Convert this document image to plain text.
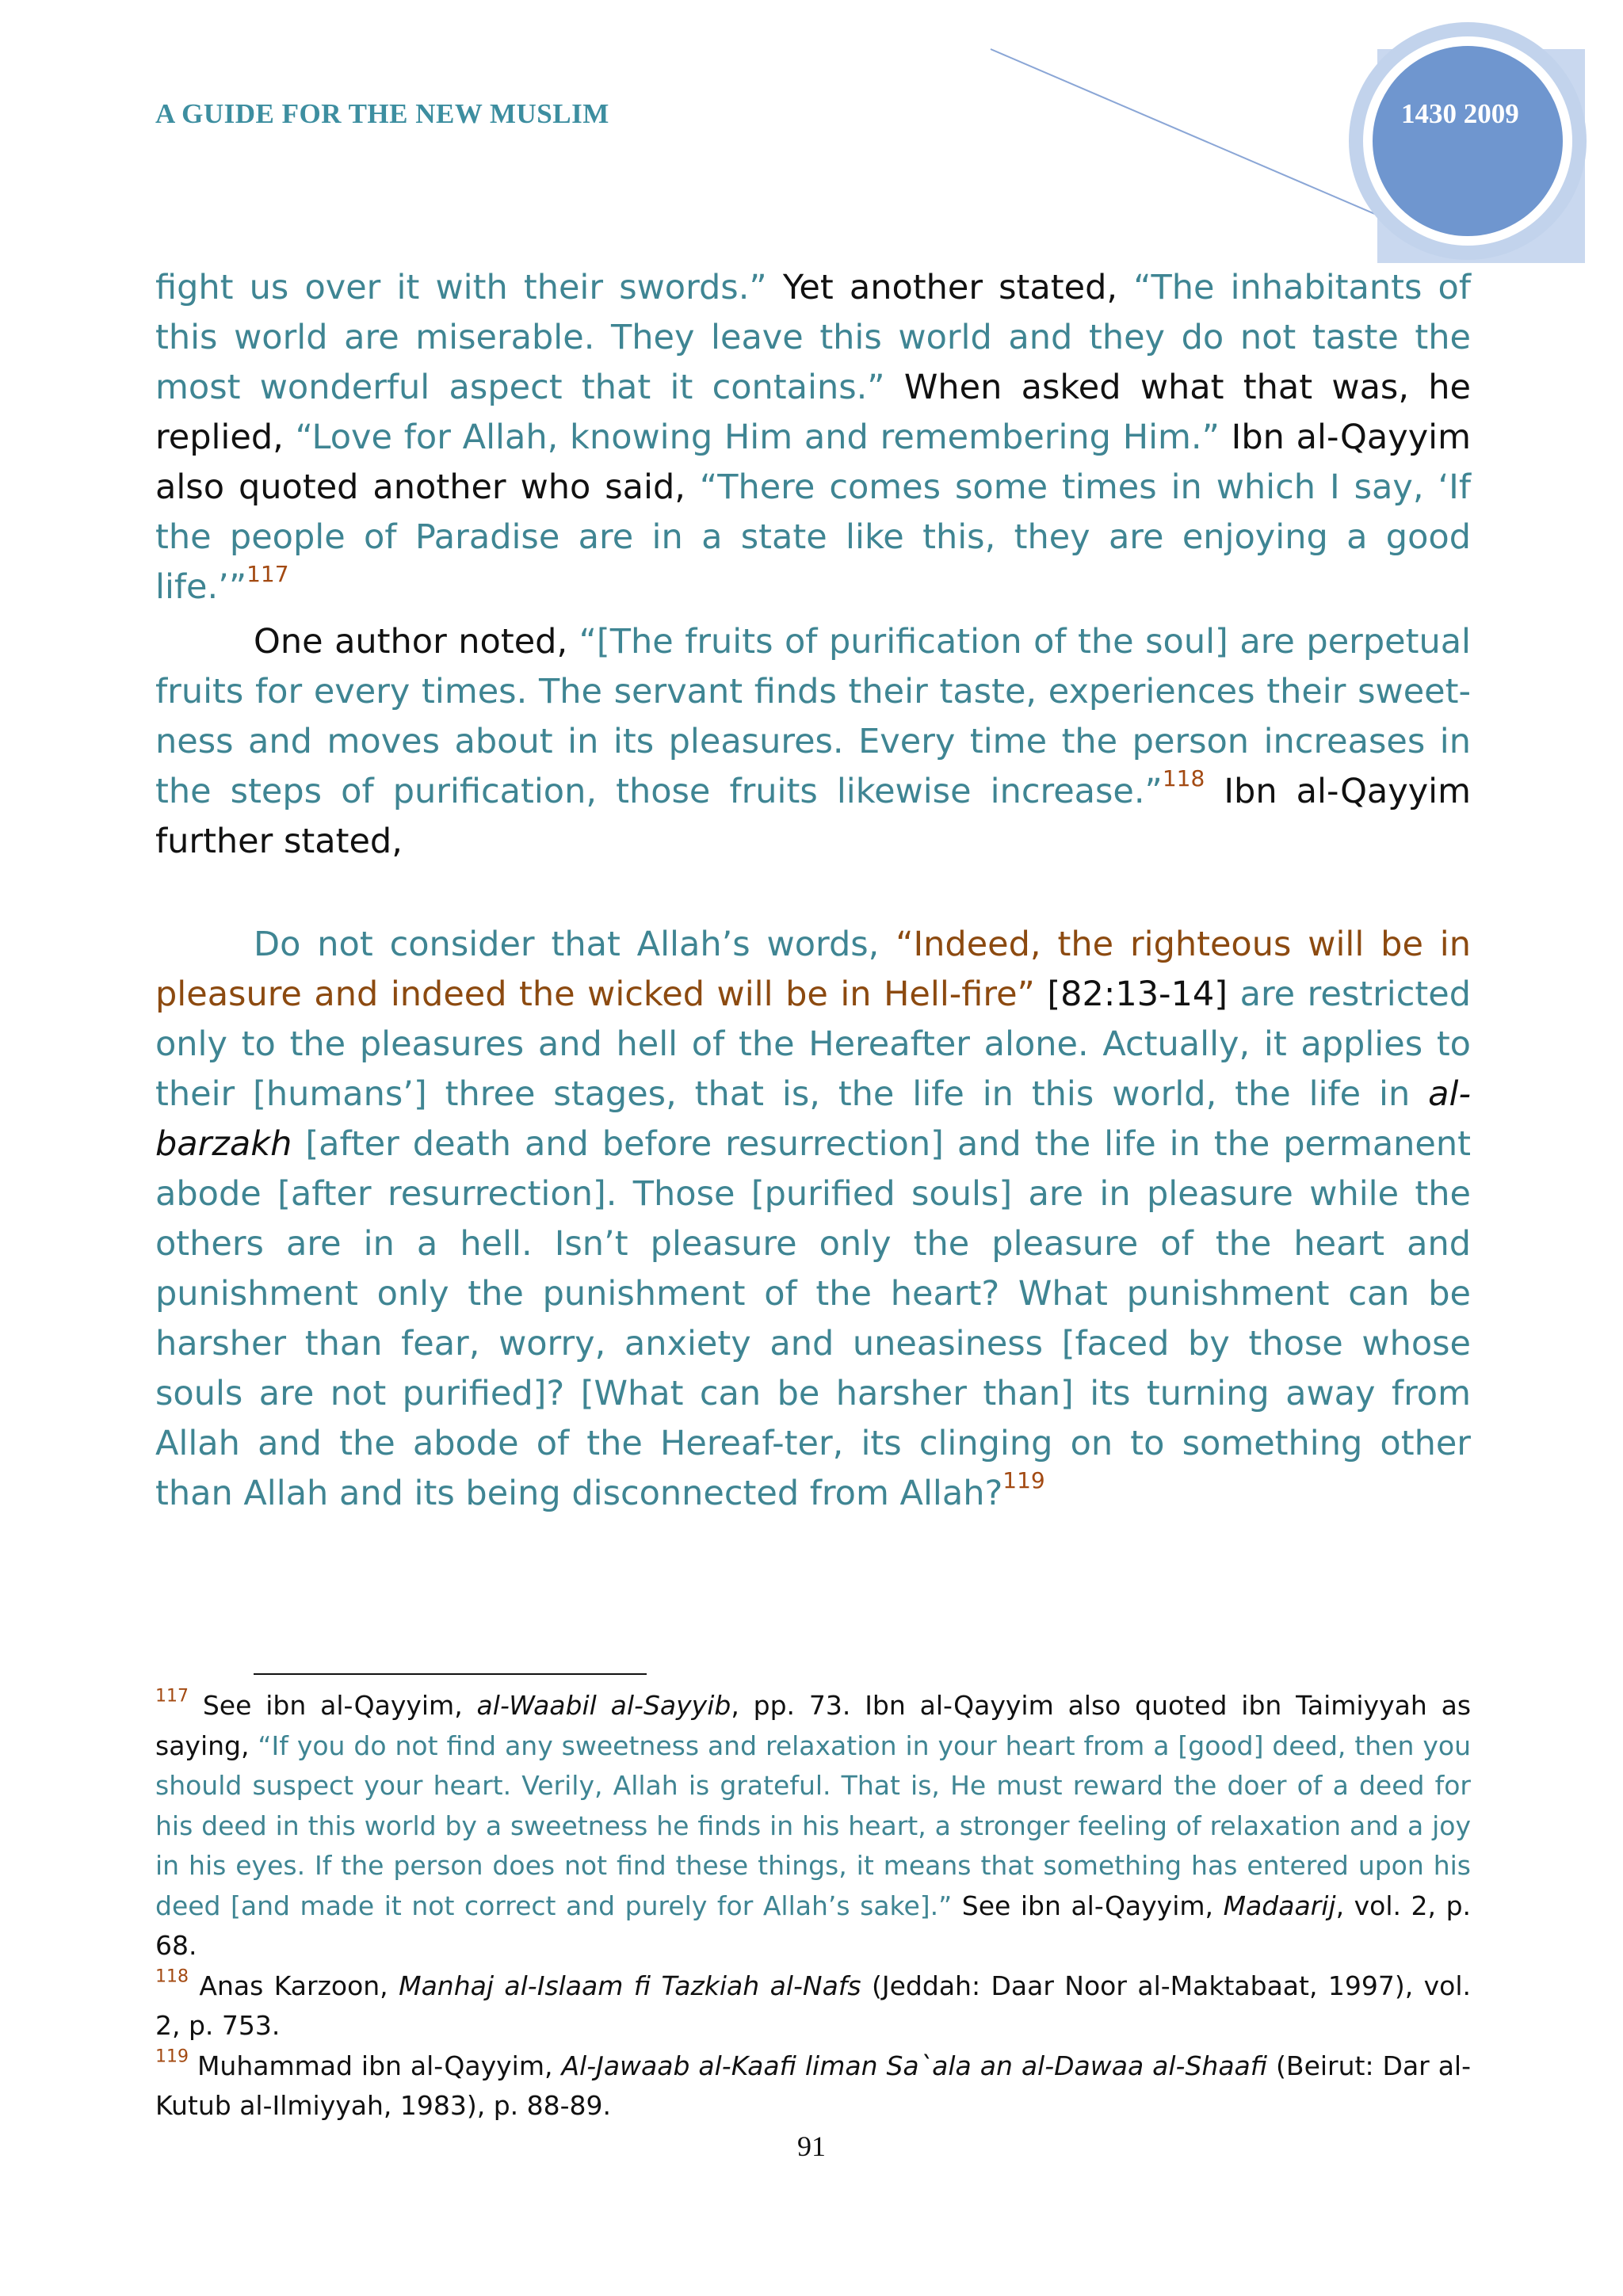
A GUIDE FOR THE NEW MUSLIM	1430 2009

fight us over it with their swords.” Yet another stated, “The inhabitants of this world are miserable. They leave this world and they do not taste the most wonderful aspect that it contains.” When asked what that was, he replied, “Love for Allah, knowing Him and remembering Him.” Ibn al-Qayyim also quoted another who said, “There comes some times in which I say, ‘If the people of Paradise are in a state like this, they are enjoying a good life.’”$^{117}$

One author noted, “[The fruits of purification of the soul] are perpetual fruits for every times. The servant finds their taste, experiences their sweet-ness and moves about in its pleasures. Every time the person increases in the steps of purification, those fruits likewise increase.”$^{118}$ Ibn al-Qayyim further stated,

Do not consider that Allah’s words, “Indeed, the righteous will be in pleasure and indeed the wicked will be in Hell-fire” [82:13-14] are restricted only to the pleasures and hell of the Hereafter alone. Actually, it applies to their [humans’] three stages, that is, the life in this world, the life in al-barzakh [after death and before resurrection] and the life in the permanent abode [after resurrection]. Those [purified souls] are in pleasure while the others are in a hell. Isn’t pleasure only the pleasure of the heart and punishment only the punishment of the heart? What punishment can be harsher than fear, worry, anxiety and uneasiness [faced by those whose souls are not purified]? [What can be harsher than] its turning away from Allah and the abode of the Hereaf-ter, its clinging on to something other than Allah and its being disconnected from Allah?$^{119}$

$^{117}$ See ibn al-Qayyim, al-Waabil al-Sayyib, pp. 73. Ibn al-Qayyim also quoted ibn Taimiyyah as saying, “If you do not find any sweetness and relaxation in your heart from a [good] deed, then you should suspect your heart. Verily, Allah is grateful. That is, He must reward the doer of a deed for his deed in this world by a sweetness he finds in his heart, a stronger feeling of relaxation and a joy in his eyes. If the person does not find these things, it means that something has entered upon his deed [and made it not correct and purely for Allah’s sake].” See ibn al-Qayyim, Madaarij, vol. 2, p. 68.

$^{118}$ Anas Karzoon, Manhaj al-Islaam fi Tazkiah al-Nafs (Jeddah: Daar Noor al-Maktabaat, 1997), vol. 2, p. 753.

$^{119}$ Muhammad ibn al-Qayyim, Al-Jawaab al-Kaafi liman Sa`ala an al-Dawaa al-Shaafi (Beirut: Dar al-Kutub al-Ilmiyyah, 1983), p. 88-89.

91
